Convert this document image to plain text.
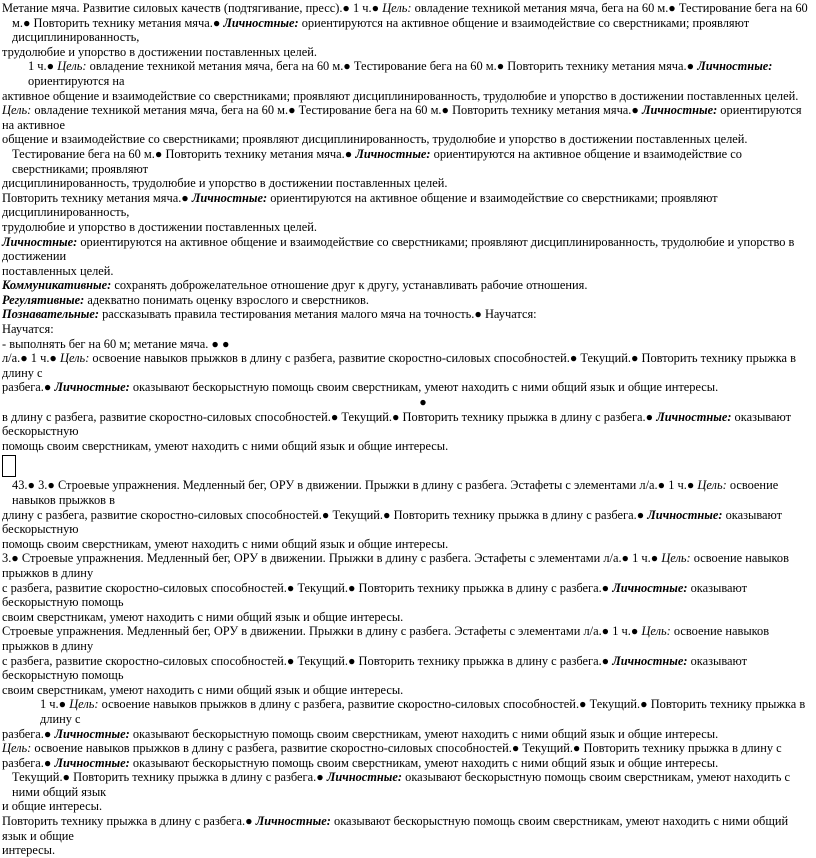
Метание мяча. Развитие силовых качеств (подтягивание, пресс).● 1 ч.● Цель: овладение техникой метания мяча, бега на 60 м.● Тестирование бега на 60

м.● Повторить технику метания мяча.● Личностные: ориентируются на активное общение и взаимодействие со сверстниками; проявляют дисциплинированность,

трудолюбие и упорство в достижении поставленных целей.

1 ч.● Цель: овладение техникой метания мяча, бега на 60 м.● Тестирование бега на 60 м.● Повторить технику метания мяча.● Личностные: ориентируются на

активное общение и взаимодействие со сверстниками; проявляют дисциплинированность, трудолюбие и упорство в достижении поставленных целей.

Цель: овладение техникой метания мяча, бега на 60 м.● Тестирование бега на 60 м.● Повторить технику метания мяча.● Личностные: ориентируются на активное

общение и взаимодействие со сверстниками; проявляют дисциплинированность, трудолюбие и упорство в достижении поставленных целей.

Тестирование бега на 60 м.● Повторить технику метания мяча.● Личностные: ориентируются на активное общение и взаимодействие со сверстниками; проявляют

дисциплинированность, трудолюбие и упорство в достижении поставленных целей.

Повторить технику метания мяча.● Личностные: ориентируются на активное общение и взаимодействие со сверстниками; проявляют дисциплинированность,

трудолюбие и упорство в достижении поставленных целей.

Личностные: ориентируются на активное общение и взаимодействие со сверстниками; проявляют дисциплинированность, трудолюбие и упорство в достижении

поставленных целей.

Коммуникативные: сохранять доброжелательное отношение друг к другу, устанавливать рабочие отношения.

Регулятивные: адекватно понимать оценку взрослого и сверстников.

Познавательные: рассказывать правила тестирования метания малого мяча на точность.● Научатся:

Научатся:

- выполнять бег на 60 м; метание мяча. ● ●

л/а.● 1 ч.● Цель: освоение навыков прыжков в длину с разбега, развитие скоростно-силовых способностей.● Текущий.● Повторить технику прыжка в длину с

разбега.● Личностные: оказывают бескорыстную помощь своим сверстникам, умеют находить с ними общий язык и общие интересы.

●

в длину с разбега, развитие скоростно-силовых способностей.● Текущий.● Повторить технику прыжка в длину с разбега.● Личностные: оказывают бескорыстную

помощь своим сверстникам, умеют находить с ними общий язык и общие интересы.

43.● 3.● Строевые упражнения. Медленный бег, ОРУ в движении. Прыжки в длину с разбега. Эстафеты с элементами л/а.● 1 ч.● Цель: освоение навыков прыжков в

длину с разбега, развитие скоростно-силовых способностей.● Текущий.● Повторить технику прыжка в длину с разбега.● Личностные: оказывают бескорыстную

помощь своим сверстникам, умеют находить с ними общий язык и общие интересы.

3.● Строевые упражнения. Медленный бег, ОРУ в движении. Прыжки в длину с разбега. Эстафеты с элементами л/а.● 1 ч.● Цель: освоение навыков прыжков в длину

с разбега, развитие скоростно-силовых способностей.● Текущий.● Повторить технику прыжка в длину с разбега.● Личностные: оказывают бескорыстную помощь

своим сверстникам, умеют находить с ними общий язык и общие интересы.

Строевые упражнения. Медленный бег, ОРУ в движении. Прыжки в длину с разбега. Эстафеты с элементами л/а.● 1 ч.● Цель: освоение навыков прыжков в длину

с разбега, развитие скоростно-силовых способностей.● Текущий.● Повторить технику прыжка в длину с разбега.● Личностные: оказывают бескорыстную помощь

своим сверстникам, умеют находить с ними общий язык и общие интересы.

1 ч.● Цель: освоение навыков прыжков в длину с разбега, развитие скоростно-силовых способностей.● Текущий.● Повторить технику прыжка в длину с

разбега.● Личностные: оказывают бескорыстную помощь своим сверстникам, умеют находить с ними общий язык и общие интересы.

Цель: освоение навыков прыжков в длину с разбега, развитие скоростно-силовых способностей.● Текущий.● Повторить технику прыжка в длину с

разбега.● Личностные: оказывают бескорыстную помощь своим сверстникам, умеют находить с ними общий язык и общие интересы.

Текущий.● Повторить технику прыжка в длину с разбега.● Личностные: оказывают бескорыстную помощь своим сверстникам, умеют находить с ними общий язык

и общие интересы.

Повторить технику прыжка в длину с разбега.● Личностные: оказывают бескорыстную помощь своим сверстникам, умеют находить с ними общий язык и общие

интересы.
